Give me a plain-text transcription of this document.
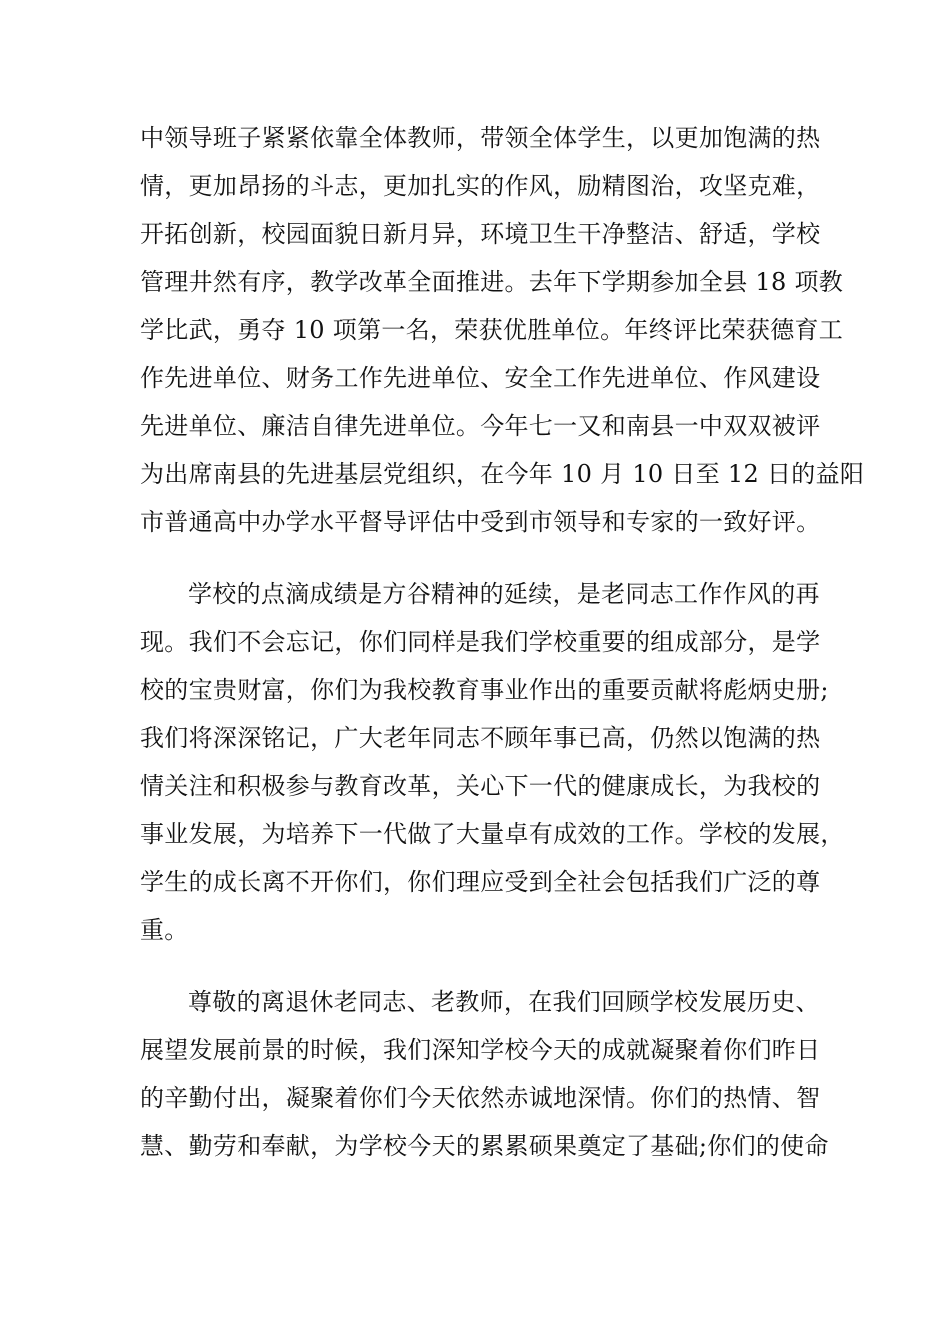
中领导班子紧紧依靠全体教师，带领全体学生，以更加饱满的热
情，更加昂扬的斗志，更加扎实的作风，励精图治，攻坚克难，
开拓创新，校园面貌日新月异，环境卫生干净整洁、舒适，学校
管理井然有序，教学改革全面推进。去年下学期参加全县 18 项教
学比武，勇夺 10 项第一名，荣获优胜单位。年终评比荣获德育工
作先进单位、财务工作先进单位、安全工作先进单位、作风建设
先进单位、廉洁自律先进单位。今年七一又和南县一中双双被评
为出席南县的先进基层党组织，在今年 10 月 10 日至 12 日的益阳
市普通高中办学水平督导评估中受到市领导和专家的一致好评。
学校的点滴成绩是方谷精神的延续，是老同志工作作风的再
现。我们不会忘记，你们同样是我们学校重要的组成部分，是学
校的宝贵财富，你们为我校教育事业作出的重要贡献将彪炳史册;
我们将深深铭记，广大老年同志不顾年事已高，仍然以饱满的热
情关注和积极参与教育改革，关心下一代的健康成长，为我校的
事业发展，为培养下一代做了大量卓有成效的工作。学校的发展，
学生的成长离不开你们，你们理应受到全社会包括我们广泛的尊
重。
尊敬的离退休老同志、老教师，在我们回顾学校发展历史、
展望发展前景的时候，我们深知学校今天的成就凝聚着你们昨日
的辛勤付出，凝聚着你们今天依然赤诚地深情。你们的热情、智
慧、勤劳和奉献，为学校今天的累累硕果奠定了基础;你们的使命
